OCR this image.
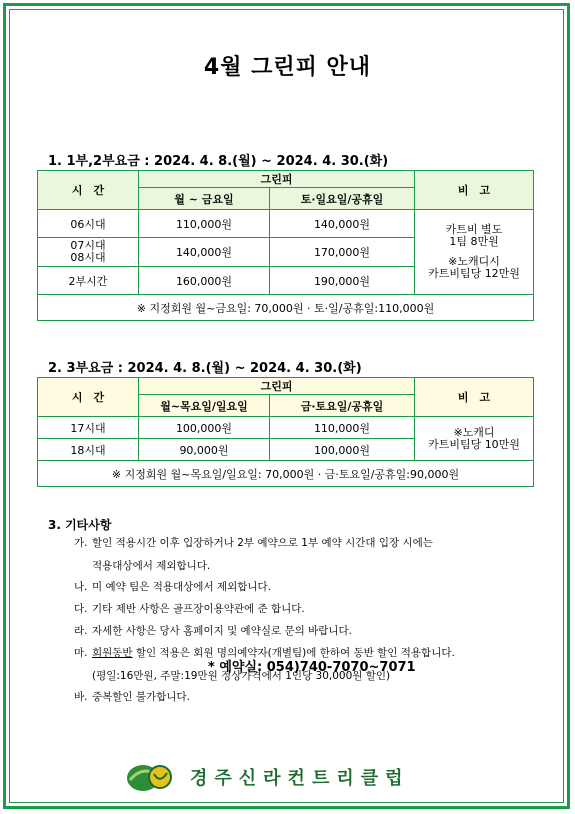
4월 그린피 안내
1. 1부,2부요금 : 2024. 4. 8.(월) ~ 2024. 4. 30.(화)
시　간	그린피		비　고
	월 ~ 금요일	토·일요일/공휴일	
06시대	110,000원	140,000원	카트비 별도
1팀 8만원
※노캐디시
카트비팀당 12만원

07시대
08시대	140,000원	170,000원	
2부시간	160,000원	190,000원	
※ 지정회원 월~금요일: 70,000원 · 토·일/공휴일:110,000원			
2. 3부요금 : 2024. 4. 8.(월) ~ 2024. 4. 30.(화)
시　간	그린피		비　고
	월~목요일/일요일	금·토요일/공휴일	
17시대	100,000원	110,000원	※노캐디
카트비팀당 10만원

18시대	90,000원	100,000원	
※ 지정회원 월~목요일/일요일: 70,000원 · 금·토요일/공휴일:90,000원			
3. 기타사항
가. 할인 적용시간 이후 입장하거나 2부 예약으로 1부 예약 시간대 입장 시에는
적용대상에서 제외합니다.
나. 미 예약 팀은 적용대상에서 제외합니다.
다. 기타 제반 사항은 골프장이용약관에 준 합니다.
라. 자세한 사항은 당사 홈페이지 및 예약실로 문의 바랍니다.
마. 회원동반 할인 적용은 회원 명의예약자(개별팀)에 한하여 동반 할인 적용합니다.
(평일:16만원, 주말:19만원 정상가격에서 1인당 30,000원 할인)
바. 중복할인 불가합니다.
* 예약실: 054)740-7070~7071
경주신라컨트리클럽
